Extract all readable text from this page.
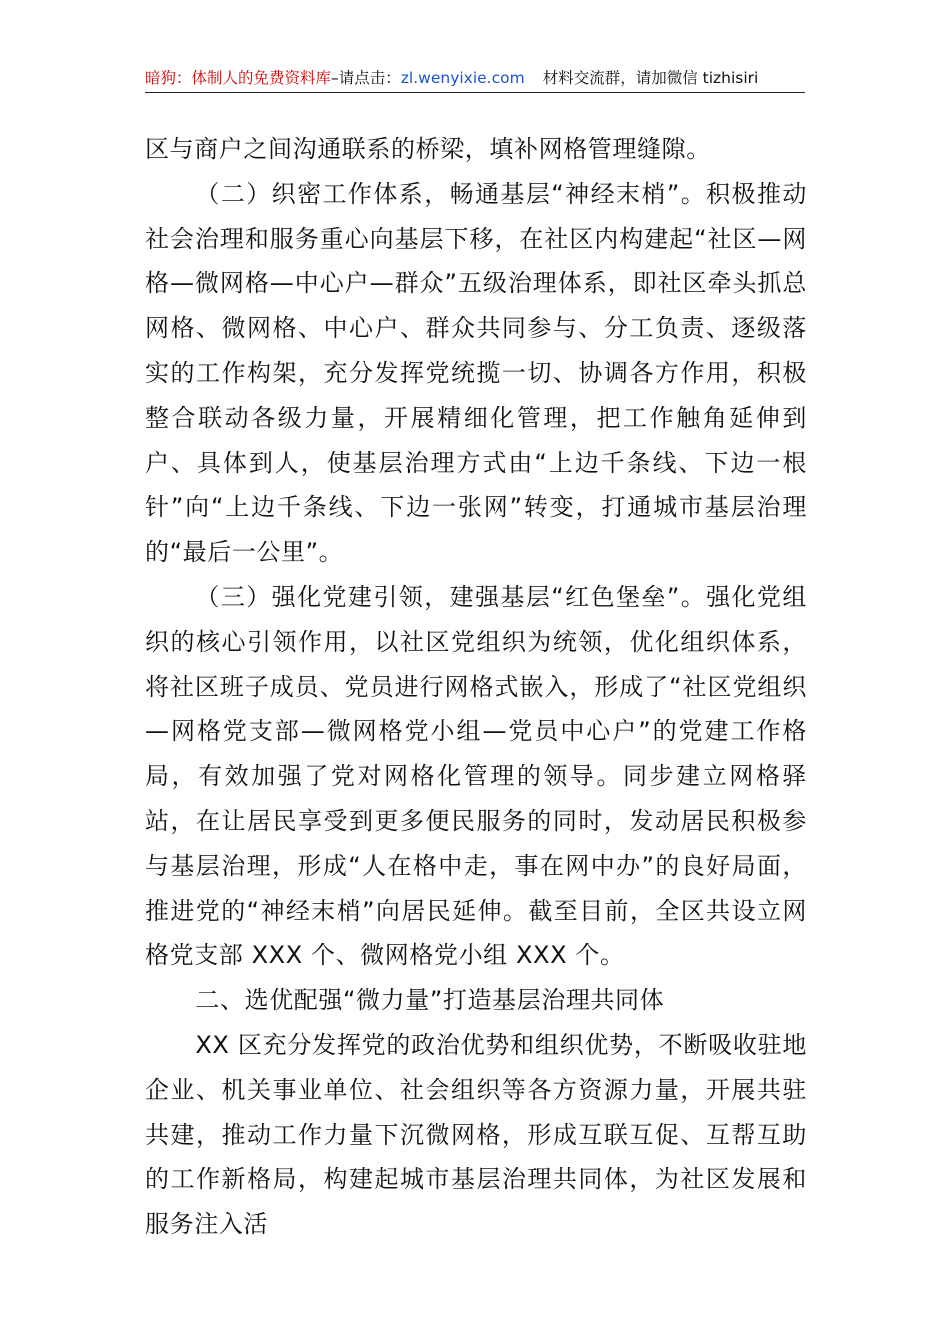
暗狗：体制人的免费资料库–请点击：zl.wenyixie.com 材料交流群，请加微信 tizhisiri

区与商户之间沟通联系的桥梁，填补网格管理缝隙。

（二）织密工作体系，畅通基层“神经末梢”。积极推动社会治理和服务重心向基层下移，在社区内构建起“社区—网格—微网格—中心户—群众”五级治理体系，即社区牵头抓总网格、微网格、中心户、群众共同参与、分工负责、逐级落实的工作构架，充分发挥党统揽一切、协调各方作用，积极整合联动各级力量，开展精细化管理，把工作触角延伸到户、具体到人，使基层治理方式由“上边千条线、下边一根针”向“上边千条线、下边一张网”转变，打通城市基层治理的“最后一公里”。

（三）强化党建引领，建强基层“红色堡垒”。强化党组织的核心引领作用，以社区党组织为统领，优化组织体系，将社区班子成员、党员进行网格式嵌入，形成了“社区党组织—网格党支部—微网格党小组—党员中心户”的党建工作格局，有效加强了党对网格化管理的领导。同步建立网格驿站，在让居民享受到更多便民服务的同时，发动居民积极参与基层治理，形成“人在格中走，事在网中办”的良好局面，推进党的“神经末梢”向居民延伸。截至目前，全区共设立网格党支部 XXX 个、微网格党小组 XXX 个。

二、选优配强“微力量”打造基层治理共同体

XX 区充分发挥党的政治优势和组织优势，不断吸收驻地企业、机关事业单位、社会组织等各方资源力量，开展共驻共建，推动工作力量下沉微网格，形成互联互促、互帮互助的工作新格局，构建起城市基层治理共同体，为社区发展和服务注入活
